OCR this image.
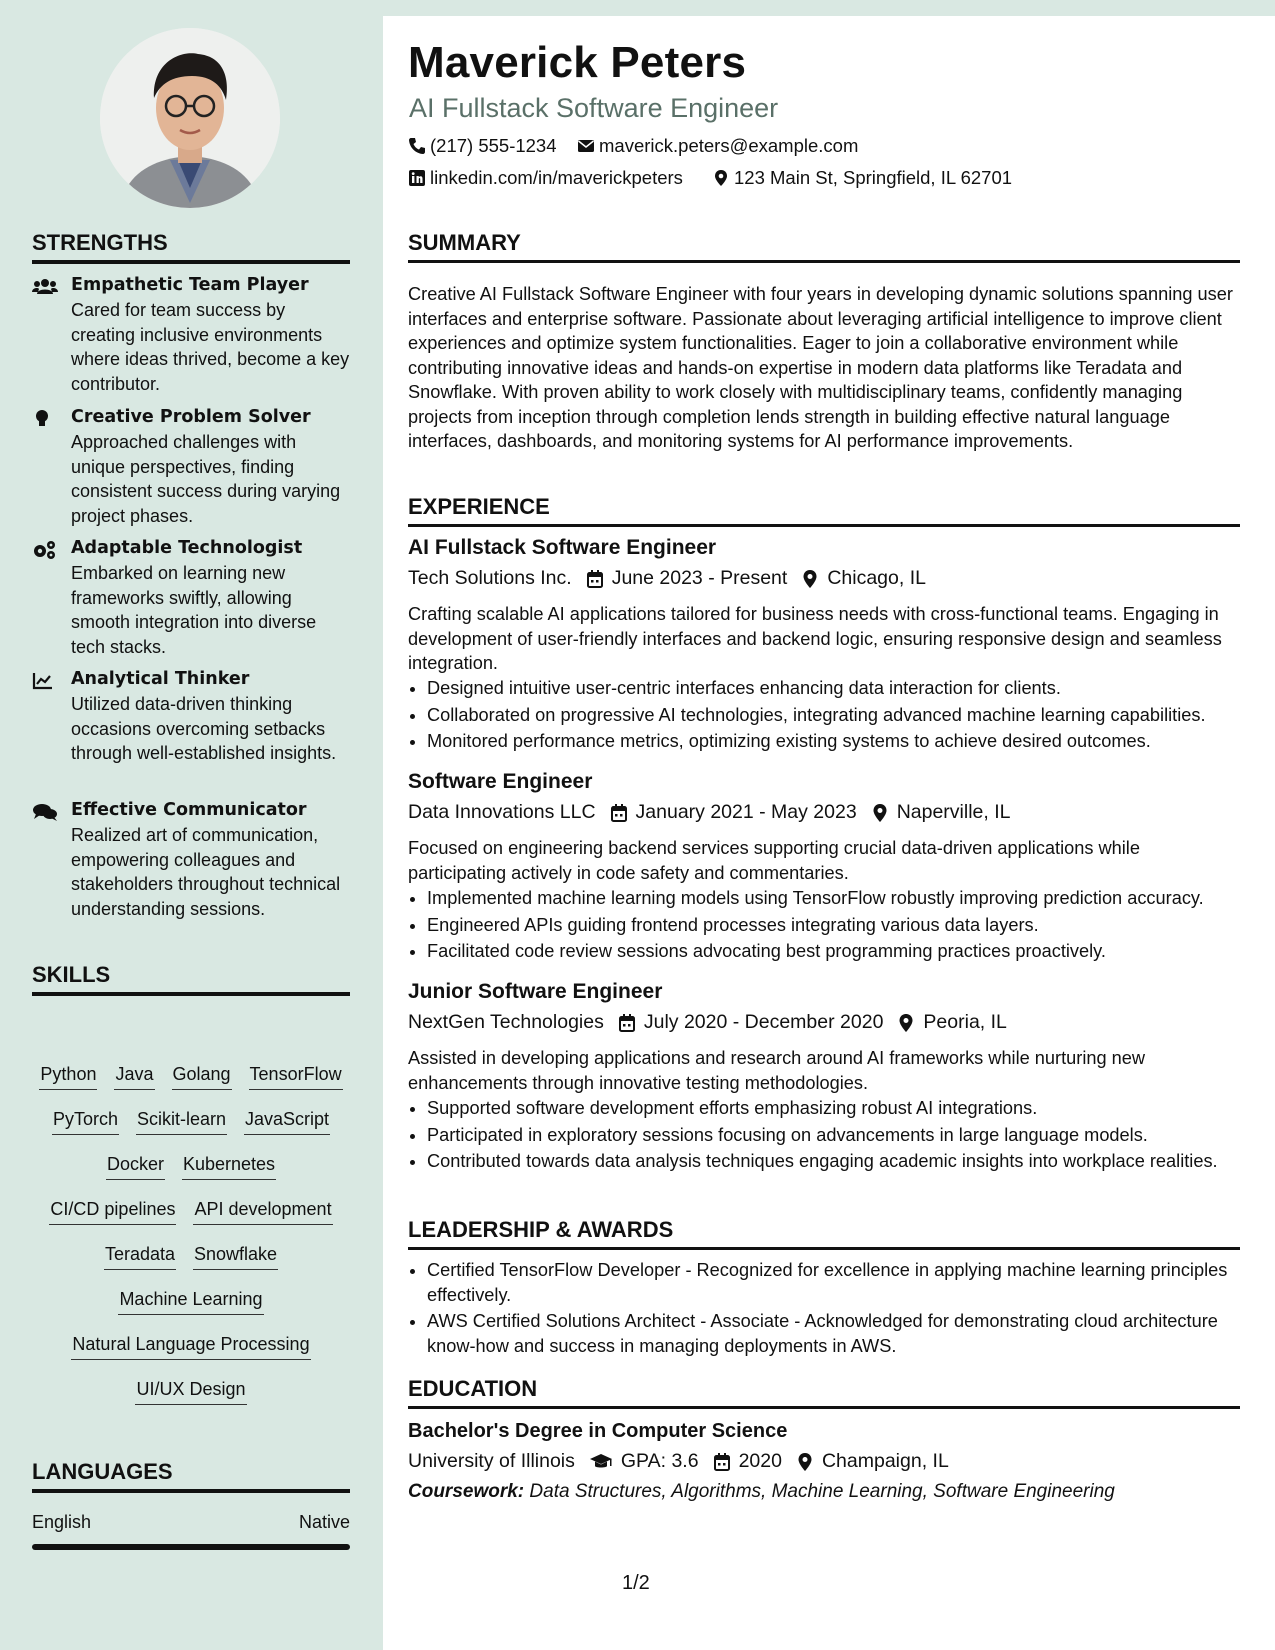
STRENGTHS
Empathetic Team Player
Cared for team success by creating inclusive environments where ideas thrived, become a key contributor.
Creative Problem Solver
Approached challenges with unique perspectives, finding consistent success during varying project phases.
Adaptable Technologist
Embarked on learning new frameworks swiftly, allowing smooth integration into diverse tech stacks.
Analytical Thinker
Utilized data-driven thinking occasions overcoming setbacks through well-established insights.
Effective Communicator
Realized art of communication, empowering colleagues and stakeholders throughout technical understanding sessions.
SKILLS
Python Java Golang TensorFlow
PyTorch Scikit-learn JavaScript
Docker Kubernetes
CI/CD pipelines API development
Teradata Snowflake
Machine Learning
Natural Language Processing
UI/UX Design
LANGUAGES
English	Native
Maverick Peters
AI Fullstack Software Engineer
(217) 555-1234 maverick.peters@example.com
linkedin.com/in/maverickpeters	123 Main St, Springfield, IL 62701
SUMMARY
Creative AI Fullstack Software Engineer with four years in developing dynamic solutions spanning user interfaces and enterprise software. Passionate about leveraging artificial intelligence to improve client experiences and optimize system functionalities. Eager to join a collaborative environment while contributing innovative ideas and hands-on expertise in modern data platforms like Teradata and Snowflake. With proven ability to work closely with multidisciplinary teams, confidently managing projects from inception through completion lends strength in building effective natural language interfaces, dashboards, and monitoring systems for AI performance improvements.
EXPERIENCE
AI Fullstack Software Engineer
Tech Solutions Inc. June 2023 - Present Chicago, IL
Crafting scalable AI applications tailored for business needs with cross-functional teams. Engaging in development of user-friendly interfaces and backend logic, ensuring responsive design and seamless integration.
• Designed intuitive user-centric interfaces enhancing data interaction for clients.
• Collaborated on progressive AI technologies, integrating advanced machine learning capabilities.
• Monitored performance metrics, optimizing existing systems to achieve desired outcomes.
Software Engineer
Data Innovations LLC January 2021 - May 2023 Naperville, IL
Focused on engineering backend services supporting crucial data-driven applications while participating actively in code safety and commentaries.
• Implemented machine learning models using TensorFlow robustly improving prediction accuracy.
• Engineered APIs guiding frontend processes integrating various data layers.
• Facilitated code review sessions advocating best programming practices proactively.
Junior Software Engineer
NextGen Technologies July 2020 - December 2020 Peoria, IL
Assisted in developing applications and research around AI frameworks while nurturing new enhancements through innovative testing methodologies.
• Supported software development efforts emphasizing robust AI integrations.
• Participated in exploratory sessions focusing on advancements in large language models.
• Contributed towards data analysis techniques engaging academic insights into workplace realities.
LEADERSHIP & AWARDS
• Certified TensorFlow Developer - Recognized for excellence in applying machine learning principles effectively.
• AWS Certified Solutions Architect - Associate - Acknowledged for demonstrating cloud architecture know-how and success in managing deployments in AWS.
EDUCATION
Bachelor's Degree in Computer Science
University of Illinois GPA: 3.6 2020 Champaign, IL
Coursework: Data Structures, Algorithms, Machine Learning, Software Engineering
1/2
